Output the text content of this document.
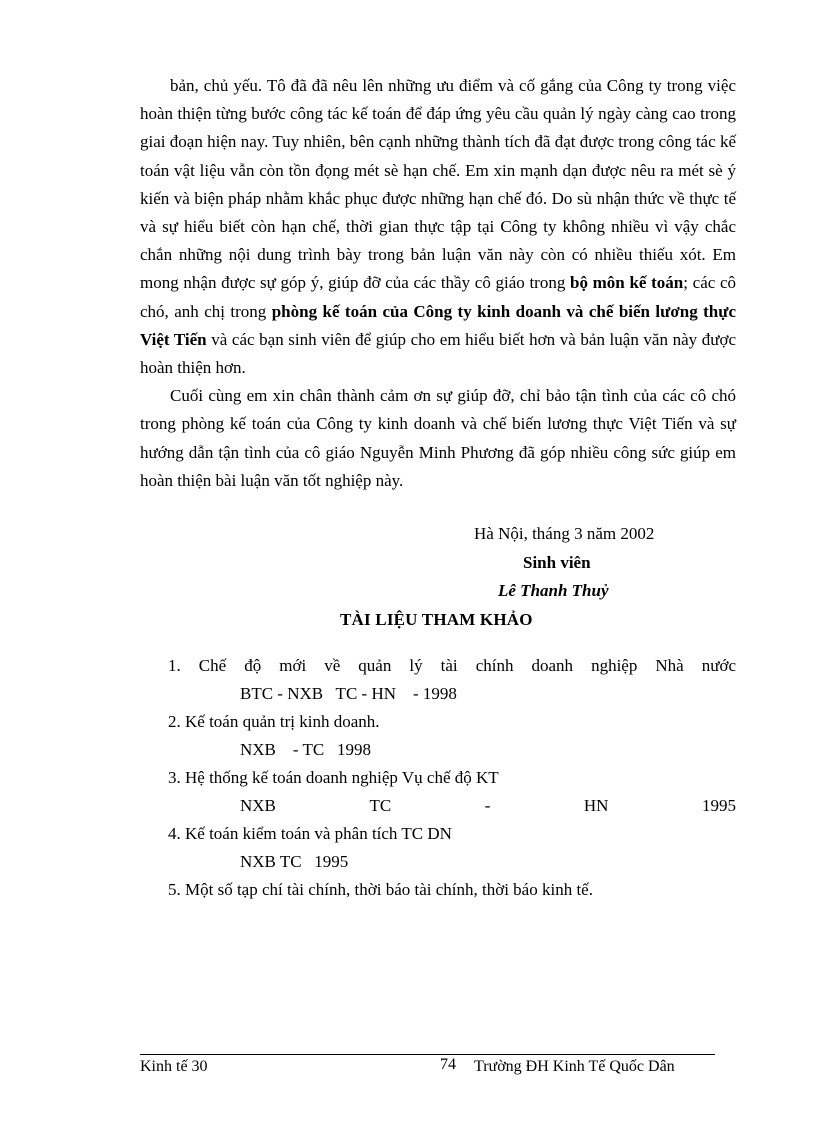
bản, chủ yếu. Tô đã đã nêu lên những ưu điểm và cố gắng của Công ty trong việc hoàn thiện từng bước công tác kế toán để đáp ứng yêu cầu quản lý ngày càng cao trong giai đoạn hiện nay. Tuy nhiên, bên cạnh những thành tích đã đạt được trong công tác kế toán vật liệu vẫn còn tồn đọng mét sè hạn chế. Em xin mạnh dạn được nêu ra mét sè ý kiến và biện pháp nhằm khắc phục được những hạn chế đó. Do sù nhận thức về thực tế và sự hiểu biết còn hạn chế, thời gian thực tập tại Công ty không nhiều vì vậy chắc chắn những nội dung trình bày trong bản luận văn này còn có nhiều thiếu xót. Em mong nhận được sự góp ý, giúp đỡ của các thầy cô giáo trong bộ môn kế toán; các cô chó, anh chị trong phòng kế toán của Công ty kinh doanh và chế biến lương thực Việt Tiến và các bạn sinh viên để giúp cho em hiểu biết hơn và bản luận văn này được hoàn thiện hơn.

Cuối cùng em xin chân thành cảm ơn sự giúp đỡ, chỉ bảo tận tình của các cô chó trong phòng kế toán của Công ty kinh doanh và chế biến lương thực Việt Tiến và sự hướng dẫn tận tình của cô giáo Nguyễn Minh Phương đã góp nhiều công sức giúp em hoàn thiện bài luận văn tốt nghiệp này.

Hà Nội, tháng 3 năm 2002
Sinh viên
Lê Thanh Thuỷ
TÀI LIỆU THAM KHẢO
1. Chế độ mới về quản lý tài chính doanh nghiệp Nhà nước
BTC - NXB   TC - HN    - 1998
2. Kế toán quản trị kinh doanh.
NXB    - TC   1998
3. Hệ thống kế toán doanh nghiệp Vụ chế độ KT
NXB	TC	-	HN	1995
4. Kế toán kiểm toán và phân tích TC DN
NXB TC   1995
5. Một số tạp chí tài chính, thời báo tài chính, thời báo kinh tế.
Kinh tế 30	74 Trường ĐH Kinh Tế Quốc Dân
